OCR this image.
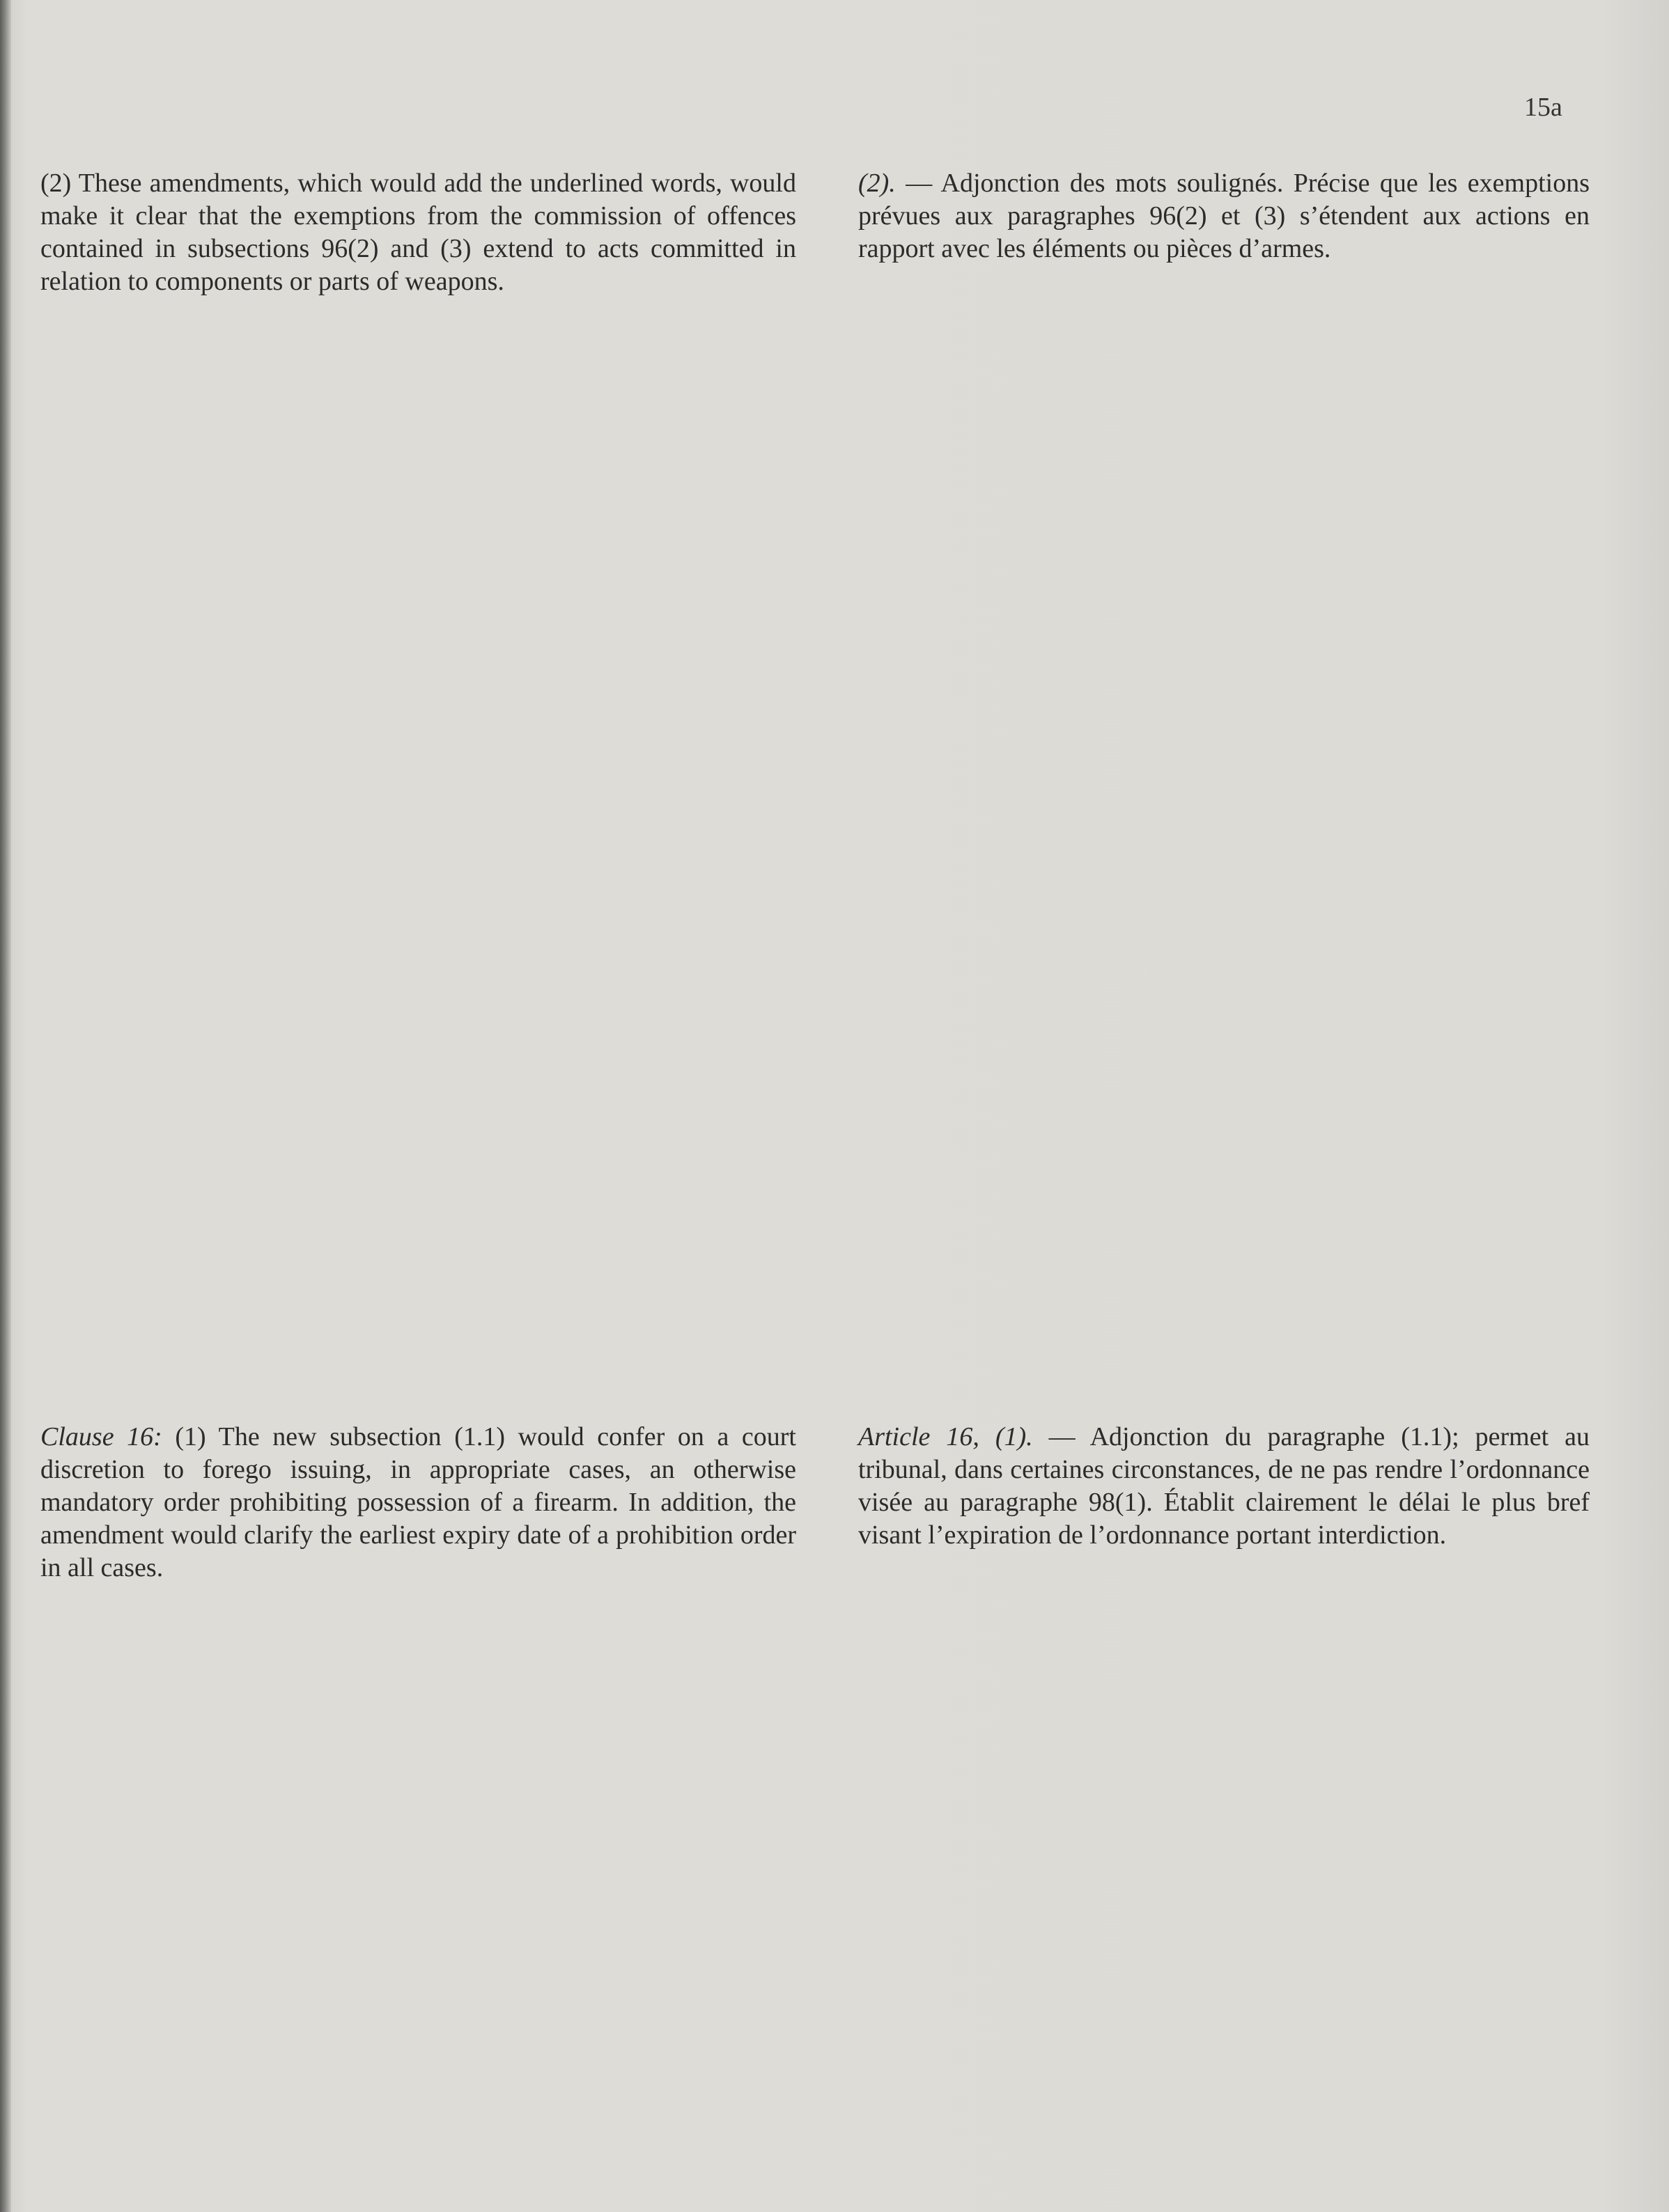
15a

(2) These amendments, which would add the underlined words, would make it clear that the exemptions from the commission of offences contained in subsections 96(2) and (3) extend to acts committed in relation to components or parts of weapons.

(2). — Adjonction des mots soulignés. Précise que les exemptions prévues aux paragraphes 96(2) et (3) s’étendent aux actions en rapport avec les éléments ou pièces d’armes.

Clause 16: (1) The new subsection (1.1) would confer on a court discretion to forego issuing, in appropriate cases, an otherwise mandatory order prohibiting possession of a firearm. In addition, the amendment would clarify the earliest expiry date of a prohibition order in all cases.

Article 16, (1). — Adjonction du paragraphe (1.1); permet au tribunal, dans certaines circonstances, de ne pas rendre l’ordonnance visée au paragraphe 98(1). Établit clairement le délai le plus bref visant l’expiration de l’ordonnance portant interdiction.
